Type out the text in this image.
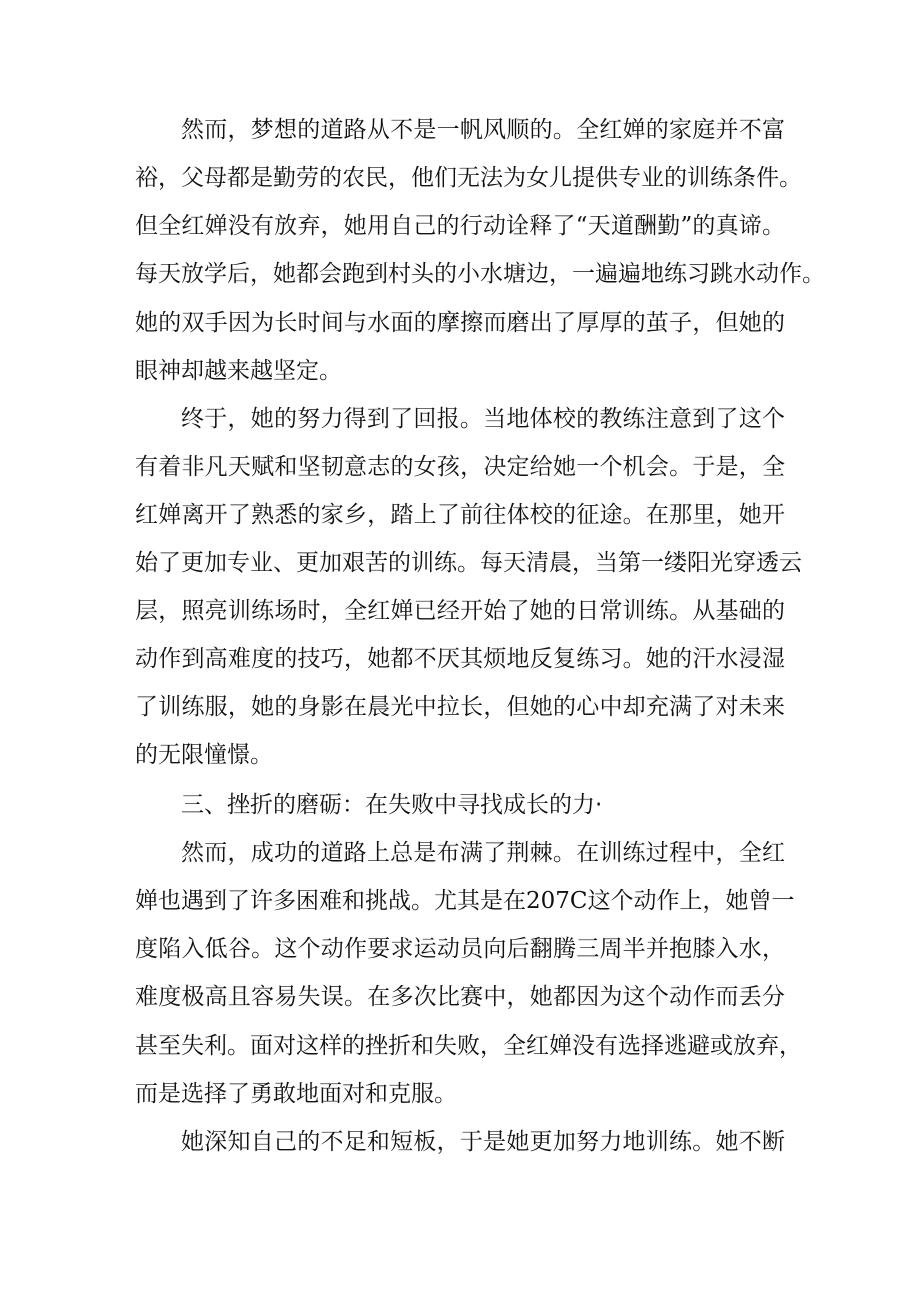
然而，梦想的道路从不是一帆风顺的。全红婵的家庭并不富
裕，父母都是勤劳的农民，他们无法为女儿提供专业的训练条件。
但全红婵没有放弃，她用自己的行动诠释了“天道酬勤”的真谛。
每天放学后，她都会跑到村头的小水塘边，一遍遍地练习跳水动作。
她的双手因为长时间与水面的摩擦而磨出了厚厚的茧子，但她的
眼神却越来越坚定。
终于，她的努力得到了回报。当地体校的教练注意到了这个
有着非凡天赋和坚韧意志的女孩，决定给她一个机会。于是，全
红婵离开了熟悉的家乡，踏上了前往体校的征途。在那里，她开
始了更加专业、更加艰苦的训练。每天清晨，当第一缕阳光穿透云
层，照亮训练场时，全红婵已经开始了她的日常训练。从基础的
动作到高难度的技巧，她都不厌其烦地反复练习。她的汗水浸湿
了训练服，她的身影在晨光中拉长，但她的心中却充满了对未来
的无限憧憬。
三、挫折的磨砺：在失败中寻找成长的力·
然而，成功的道路上总是布满了荆棘。在训练过程中，全红
婵也遇到了许多困难和挑战。尤其是在207C这个动作上，她曾一
度陷入低谷。这个动作要求运动员向后翻腾三周半并抱膝入水，
难度极高且容易失误。在多次比赛中，她都因为这个动作而丢分
甚至失利。面对这样的挫折和失败，全红婵没有选择逃避或放弃，
而是选择了勇敢地面对和克服。
她深知自己的不足和短板，于是她更加努力地训练。她不断
